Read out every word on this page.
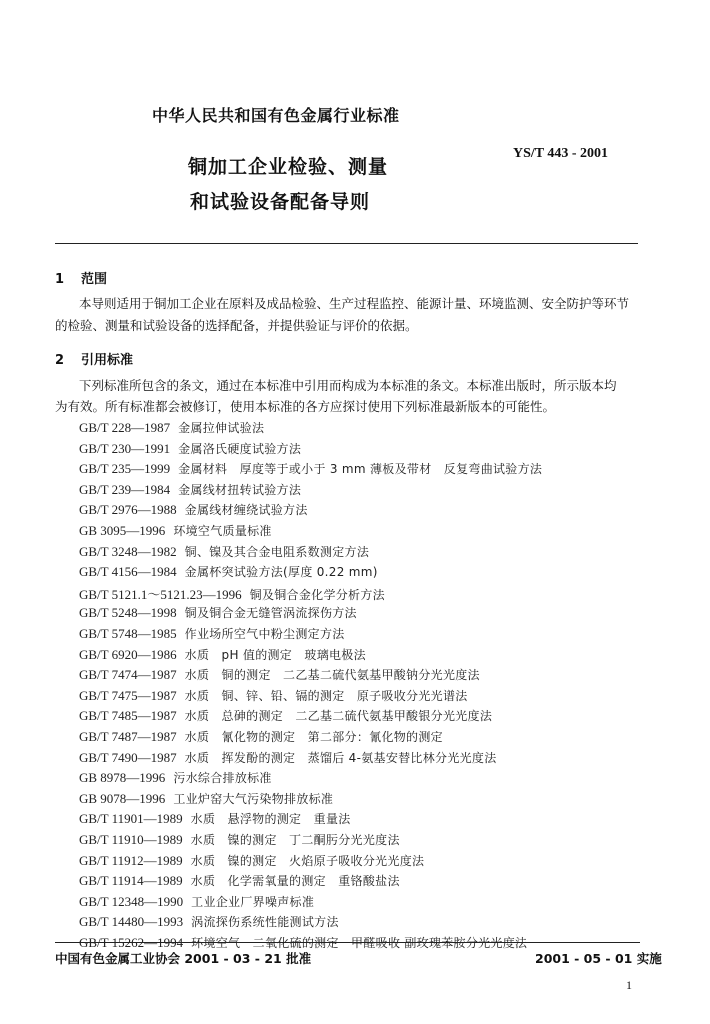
中华人民共和国有色金属行业标准
YS/T 443 - 2001
铜加工企业检验、测量
和试验设备配备导则
1 范围
本导则适用于铜加工企业在原料及成品检验、生产过程监控、能源计量、环境监测、安全防护等环节
的检验、测量和试验设备的选择配备，并提供验证与评价的依据。
2 引用标准
下列标准所包含的条文，通过在本标准中引用而构成为本标准的条文。本标准出版时，所示版本均
为有效。所有标准都会被修订，使用本标准的各方应探讨使用下列标准最新版本的可能性。
GB/T 228—1987 金属拉伸试验法
GB/T 230—1991 金属洛氏硬度试验方法
GB/T 235—1999 金属材料　厚度等于或小于 3 mm 薄板及带材　反复弯曲试验方法
GB/T 239—1984 金属线材扭转试验方法
GB/T 2976—1988 金属线材缠绕试验方法
GB 3095—1996 环境空气质量标准
GB/T 3248—1982 铜、镍及其合金电阻系数测定方法
GB/T 4156—1984 金属杯突试验方法(厚度 0.22 mm)
GB/T 5121.1～5121.23—1996 铜及铜合金化学分析方法
GB/T 5248—1998 铜及铜合金无缝管涡流探伤方法
GB/T 5748—1985 作业场所空气中粉尘测定方法
GB/T 6920—1986 水质　pH 值的测定　玻璃电极法
GB/T 7474—1987 水质　铜的测定　二乙基二硫代氨基甲酸钠分光光度法
GB/T 7475—1987 水质　铜、锌、铅、镉的测定　原子吸收分光光谱法
GB/T 7485—1987 水质　总砷的测定　二乙基二硫代氨基甲酸银分光光度法
GB/T 7487—1987 水质　氰化物的测定　第二部分：氰化物的测定
GB/T 7490—1987 水质　挥发酚的测定　蒸馏后 4-氨基安替比林分光光度法
GB 8978—1996 污水综合排放标准
GB 9078—1996 工业炉窑大气污染物排放标准
GB/T 11901—1989 水质　悬浮物的测定　重量法
GB/T 11910—1989 水质　镍的测定　丁二酮肟分光光度法
GB/T 11912—1989 水质　镍的测定　火焰原子吸收分光光度法
GB/T 11914—1989 水质　化学需氧量的测定　重铬酸盐法
GB/T 12348—1990 工业企业厂界噪声标准
GB/T 14480—1993 涡流探伤系统性能测试方法
GB/T 15262—1994 环境空气　二氧化硫的测定　甲醛吸收 副玫瑰苯胺分光光度法
中国有色金属工业协会 2001 - 03 - 21 批准	2001 - 05 - 01 实施
1
